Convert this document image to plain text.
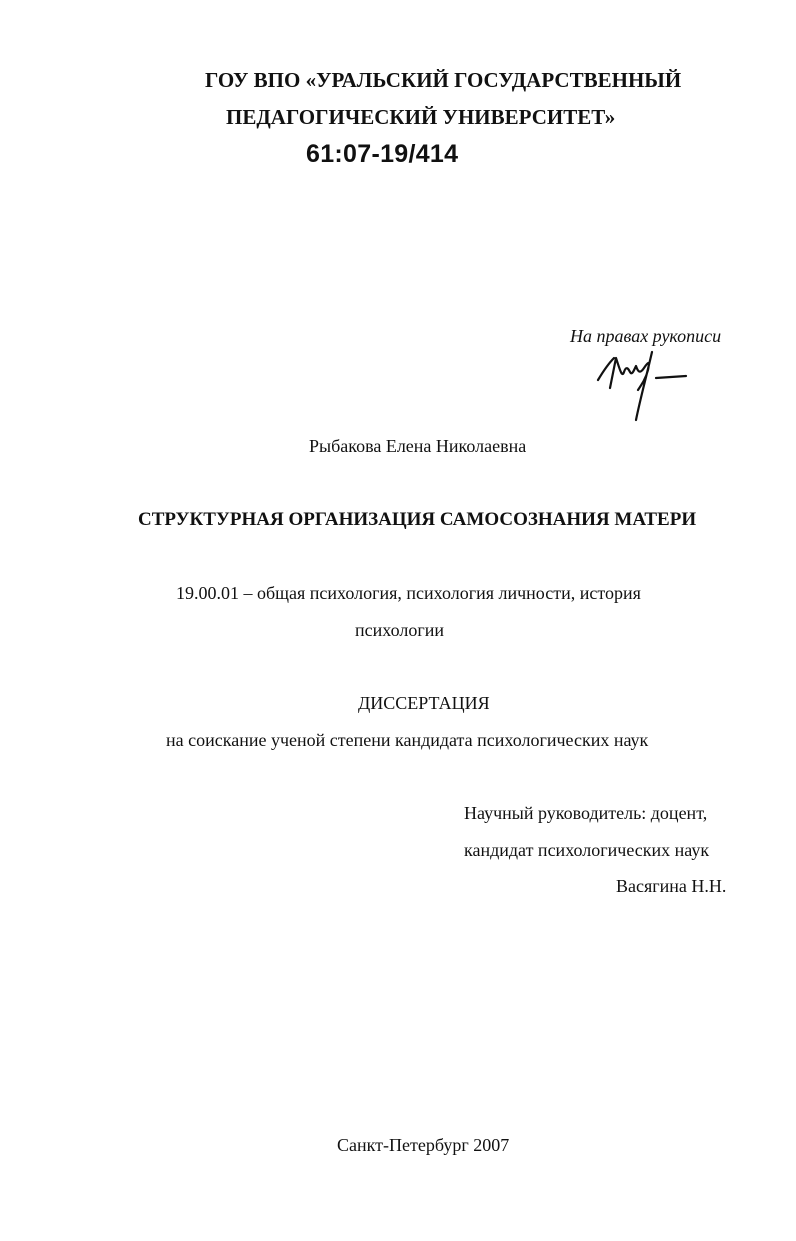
ГОУ ВПО «УРАЛЬСКИЙ ГОСУДАРСТВЕННЫЙ
ПЕДАГОГИЧЕСКИЙ УНИВЕРСИТЕТ»
61:07-19/414
На правах рукописи
Рыбакова Елена Николаевна
СТРУКТУРНАЯ ОРГАНИЗАЦИЯ САМОСОЗНАНИЯ МАТЕРИ
19.00.01 – общая психология, психология личности, история
психологии
ДИССЕРТАЦИЯ
на соискание ученой степени кандидата психологических наук
Научный руководитель: доцент,
кандидат психологических наук
Васягина Н.Н.
Санкт-Петербург 2007
